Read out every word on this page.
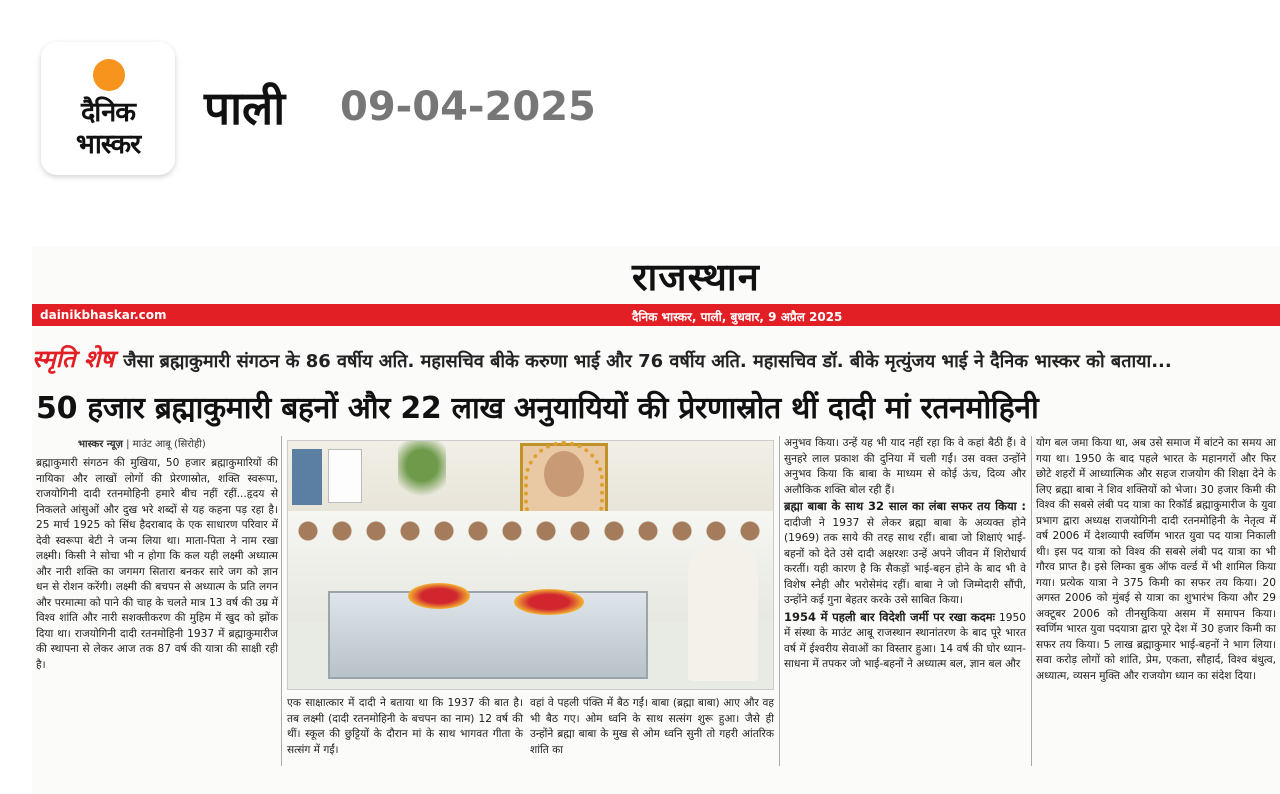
दैनिक
भास्कर
पाली 09-04-2025
राजस्थान
dainikbhaskar.com	दैनिक भास्कर, पाली, बुधवार, 9 अप्रैल 2025
स्मृति शेष जैसा ब्रह्माकुमारी संगठन के 86 वर्षीय अति. महासचिव बीके करुणा भाई और 76 वर्षीय अति. महासचिव डॉ. बीके मृत्युंजय भाई ने दैनिक भास्कर को बताया...
50 हजार ब्रह्माकुमारी बहनों और 22 लाख अनुयायियों की प्रेरणास्रोत थीं दादी मां रतनमोहिनी
भास्कर न्यूज़ | माउंट आबू (सिरोही)

ब्रह्माकुमारी संगठन की मुखिया, 50 हजार ब्रह्माकुमारियों की नायिका और लाखों लोगों की प्रेरणास्रोत, शक्ति स्वरूपा, राजयोगिनी दादी रतनमोहिनी हमारे बीच नहीं रहीं...हृदय से निकलते आंसुओं और दुख भरे शब्दों से यह कहना पड़ रहा है। 25 मार्च 1925 को सिंध हैदराबाद के एक साधारण परिवार में देवी स्वरूपा बेटी ने जन्म लिया था। माता-पिता ने नाम रखा लक्ष्मी। किसी ने सोचा भी न होगा कि कल यही लक्ष्मी अध्यात्म और नारी शक्ति का जगमग सितारा बनकर सारे जग को ज्ञान धन से रोशन करेंगी। लक्ष्मी की बचपन से अध्यात्म के प्रति लगन और परमात्मा को पाने की चाह के चलते मात्र 13 वर्ष की उम्र में विश्व शांति और नारी सशक्तीकरण की मुहिम में खुद को झोंक दिया था। राजयोगिनी दादी रतनमोहिनी 1937 में ब्रह्माकुमारीज की स्थापना से लेकर आज तक 87 वर्ष की यात्रा की साक्षी रही है।

एक साक्षात्कार में दादी ने बताया था कि 1937 की बात है। तब लक्ष्मी (दादी रतनमोहिनी के बचपन का नाम) 12 वर्ष की थीं। स्कूल की छुट्टियों के दौरान मां के साथ भागवत गीता के सत्संग में गईं।

वहां वे पहली पंक्ति में बैठ गईं। बाबा (ब्रह्मा बाबा) आए और वह भी बैठ गए। ओम ध्वनि के साथ सत्संग शुरू हुआ। जैसे ही उन्होंने ब्रह्मा बाबा के मुख से ओम ध्वनि सुनी तो गहरी आंतरिक शांति का

अनुभव किया। उन्हें यह भी याद नहीं रहा कि वे कहां बैठी हैं। वे सुनहरे लाल प्रकाश की दुनिया में चली गईं। उस वक्त उन्होंने अनुभव किया कि बाबा के माध्यम से कोई ऊंच, दिव्य और अलौकिक शक्ति बोल रही हैं।

ब्रह्मा बाबा के साथ 32 साल का लंबा सफर तय किया : दादीजी ने 1937 से लेकर ब्रह्मा बाबा के अव्यक्त होने (1969) तक साये की तरह साथ रहीं। बाबा जो शिक्षाएं भाई-बहनों को देते उसे दादी अक्षरशः उन्हें अपने जीवन में शिरोधार्य करतीं। यही कारण है कि सैकड़ों भाई-बहन होने के बाद भी वे विशेष स्नेही और भरोसेमंद रहीं। बाबा ने जो जिम्मेदारी सौंपी, उन्होंने कई गुना बेहतर करके उसे साबित किया।

1954 में पहली बार विदेशी जर्मी पर रखा कदमः 1950 में संस्था के माउंट आबू राजस्थान स्थानांतरण के बाद पूरे भारत वर्ष में ईश्वरीय सेवाओं का विस्तार हुआ। 14 वर्ष की घोर ध्यान-साधना में तपकर जो भाई-बहनों ने अध्यात्म बल, ज्ञान बल और

योग बल जमा किया था, अब उसे समाज में बांटने का समय आ गया था। 1950 के बाद पहले भारत के महानगरों और फिर छोटे शहरों में आध्यात्मिक और सहज राजयोग की शिक्षा देने के लिए ब्रह्मा बाबा ने शिव शक्तियों को भेजा। 30 हजार किमी की विश्व की सबसे लंबी पद यात्रा का रिकॉर्ड ब्रह्माकुमारीज के युवा प्रभाग द्वारा अध्यक्ष राजयोगिनी दादी रतनमोहिनी के नेतृत्व में वर्ष 2006 में देशव्यापी स्वर्णिम भारत युवा पद यात्रा निकाली थी। इस पद यात्रा को विश्व की सबसे लंबी पद यात्रा का भी गौरव प्राप्त है। इसे लिम्का बुक ऑफ वर्ल्ड में भी शामिल किया गया। प्रत्येक यात्रा ने 375 किमी का सफर तय किया। 20 अगस्त 2006 को मुंबई से यात्रा का शुभारंभ किया और 29 अक्टूबर 2006 को तीनसुकिया असम में समापन किया। स्वर्णिम भारत युवा पदयात्रा द्वारा पूरे देश में 30 हजार किमी का सफर तय किया। 5 लाख ब्रह्माकुमार भाई-बहनों ने भाग लिया। सवा करोड़ लोगों को शांति, प्रेम, एकता, सौहार्द, विश्व बंधुत्व, अध्यात्म, व्यसन मुक्ति और राजयोग ध्यान का संदेश दिया।
